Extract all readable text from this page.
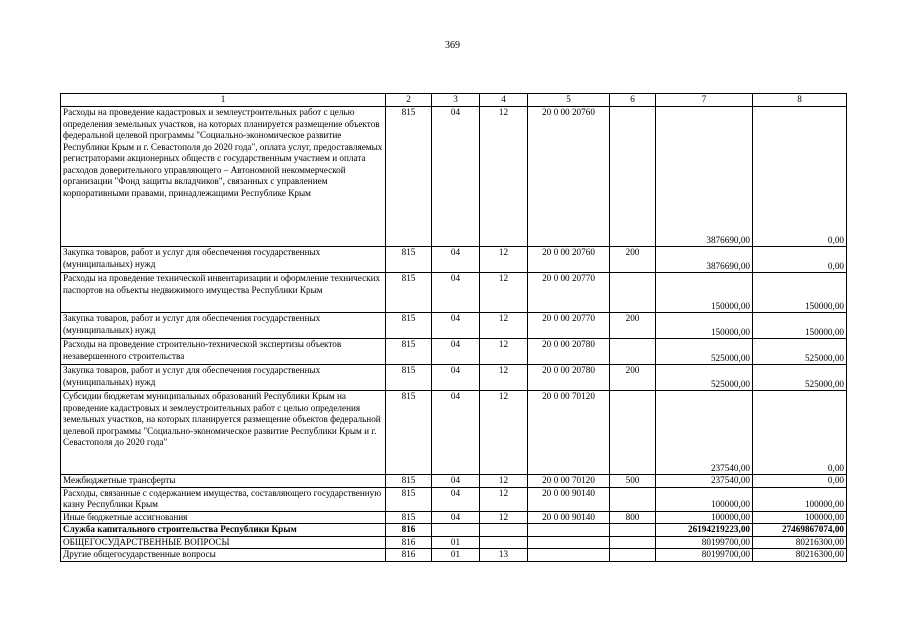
369
1	2	3	4	5	6	7	8
Расходы на проведение кадастровых и землеустроительных работ с целью определения земельных участков, на которых планируется размещение объектов федеральной целевой программы "Социально-экономическое развитие Республики Крым и г. Севастополя до 2020 года", оплата услуг, предоставляемых регистраторами акционерных обществ с государственным участием и оплата расходов доверительного управляющего – Автономной некоммерческой организации "Фонд защиты вкладчиков", связанных с управлением корпоративными правами, принадлежащими Республике Крым	815	04	12	20 0 00 20760		3876690,00	0,00
Закупка товаров, работ и услуг для обеспечения государственных (муниципальных) нужд	815	04	12	20 0 00 20760	200	3876690,00	0,00
Расходы на проведение технической инвентаризации и оформление технических паспортов на объекты недвижимого имущества Республики Крым	815	04	12	20 0 00 20770		150000,00	150000,00
Закупка товаров, работ и услуг для обеспечения государственных (муниципальных) нужд	815	04	12	20 0 00 20770	200	150000,00	150000,00
Расходы на проведение строительно-технической экспертизы объектов незавершенного строительства	815	04	12	20 0 00 20780		525000,00	525000,00
Закупка товаров, работ и услуг для обеспечения государственных (муниципальных) нужд	815	04	12	20 0 00 20780	200	525000,00	525000,00
Субсидии бюджетам муниципальных образований Республики Крым на проведение кадастровых и землеустроительных работ с целью определения земельных участков, на которых планируется размещение объектов федеральной целевой программы "Социально-экономическое развитие Республики Крым и г. Севастополя до 2020 года"	815	04	12	20 0 00 70120		237540,00	0,00
Межбюджетные трансферты	815	04	12	20 0 00 70120	500	237540,00	0,00
Расходы, связанные с содержанием имущества, составляющего государственную казну Республики Крым	815	04	12	20 0 00 90140		100000,00	100000,00
Иные бюджетные ассигнования	815	04	12	20 0 00 90140	800	100000,00	100000,00
Служба капитального строительства Республики Крым	816					26194219223,00	27469867074,00
ОБЩЕГОСУДАРСТВЕННЫЕ ВОПРОСЫ	816	01				80199700,00	80216300,00
Другие общегосударственные вопросы	816	01	13			80199700,00	80216300,00
